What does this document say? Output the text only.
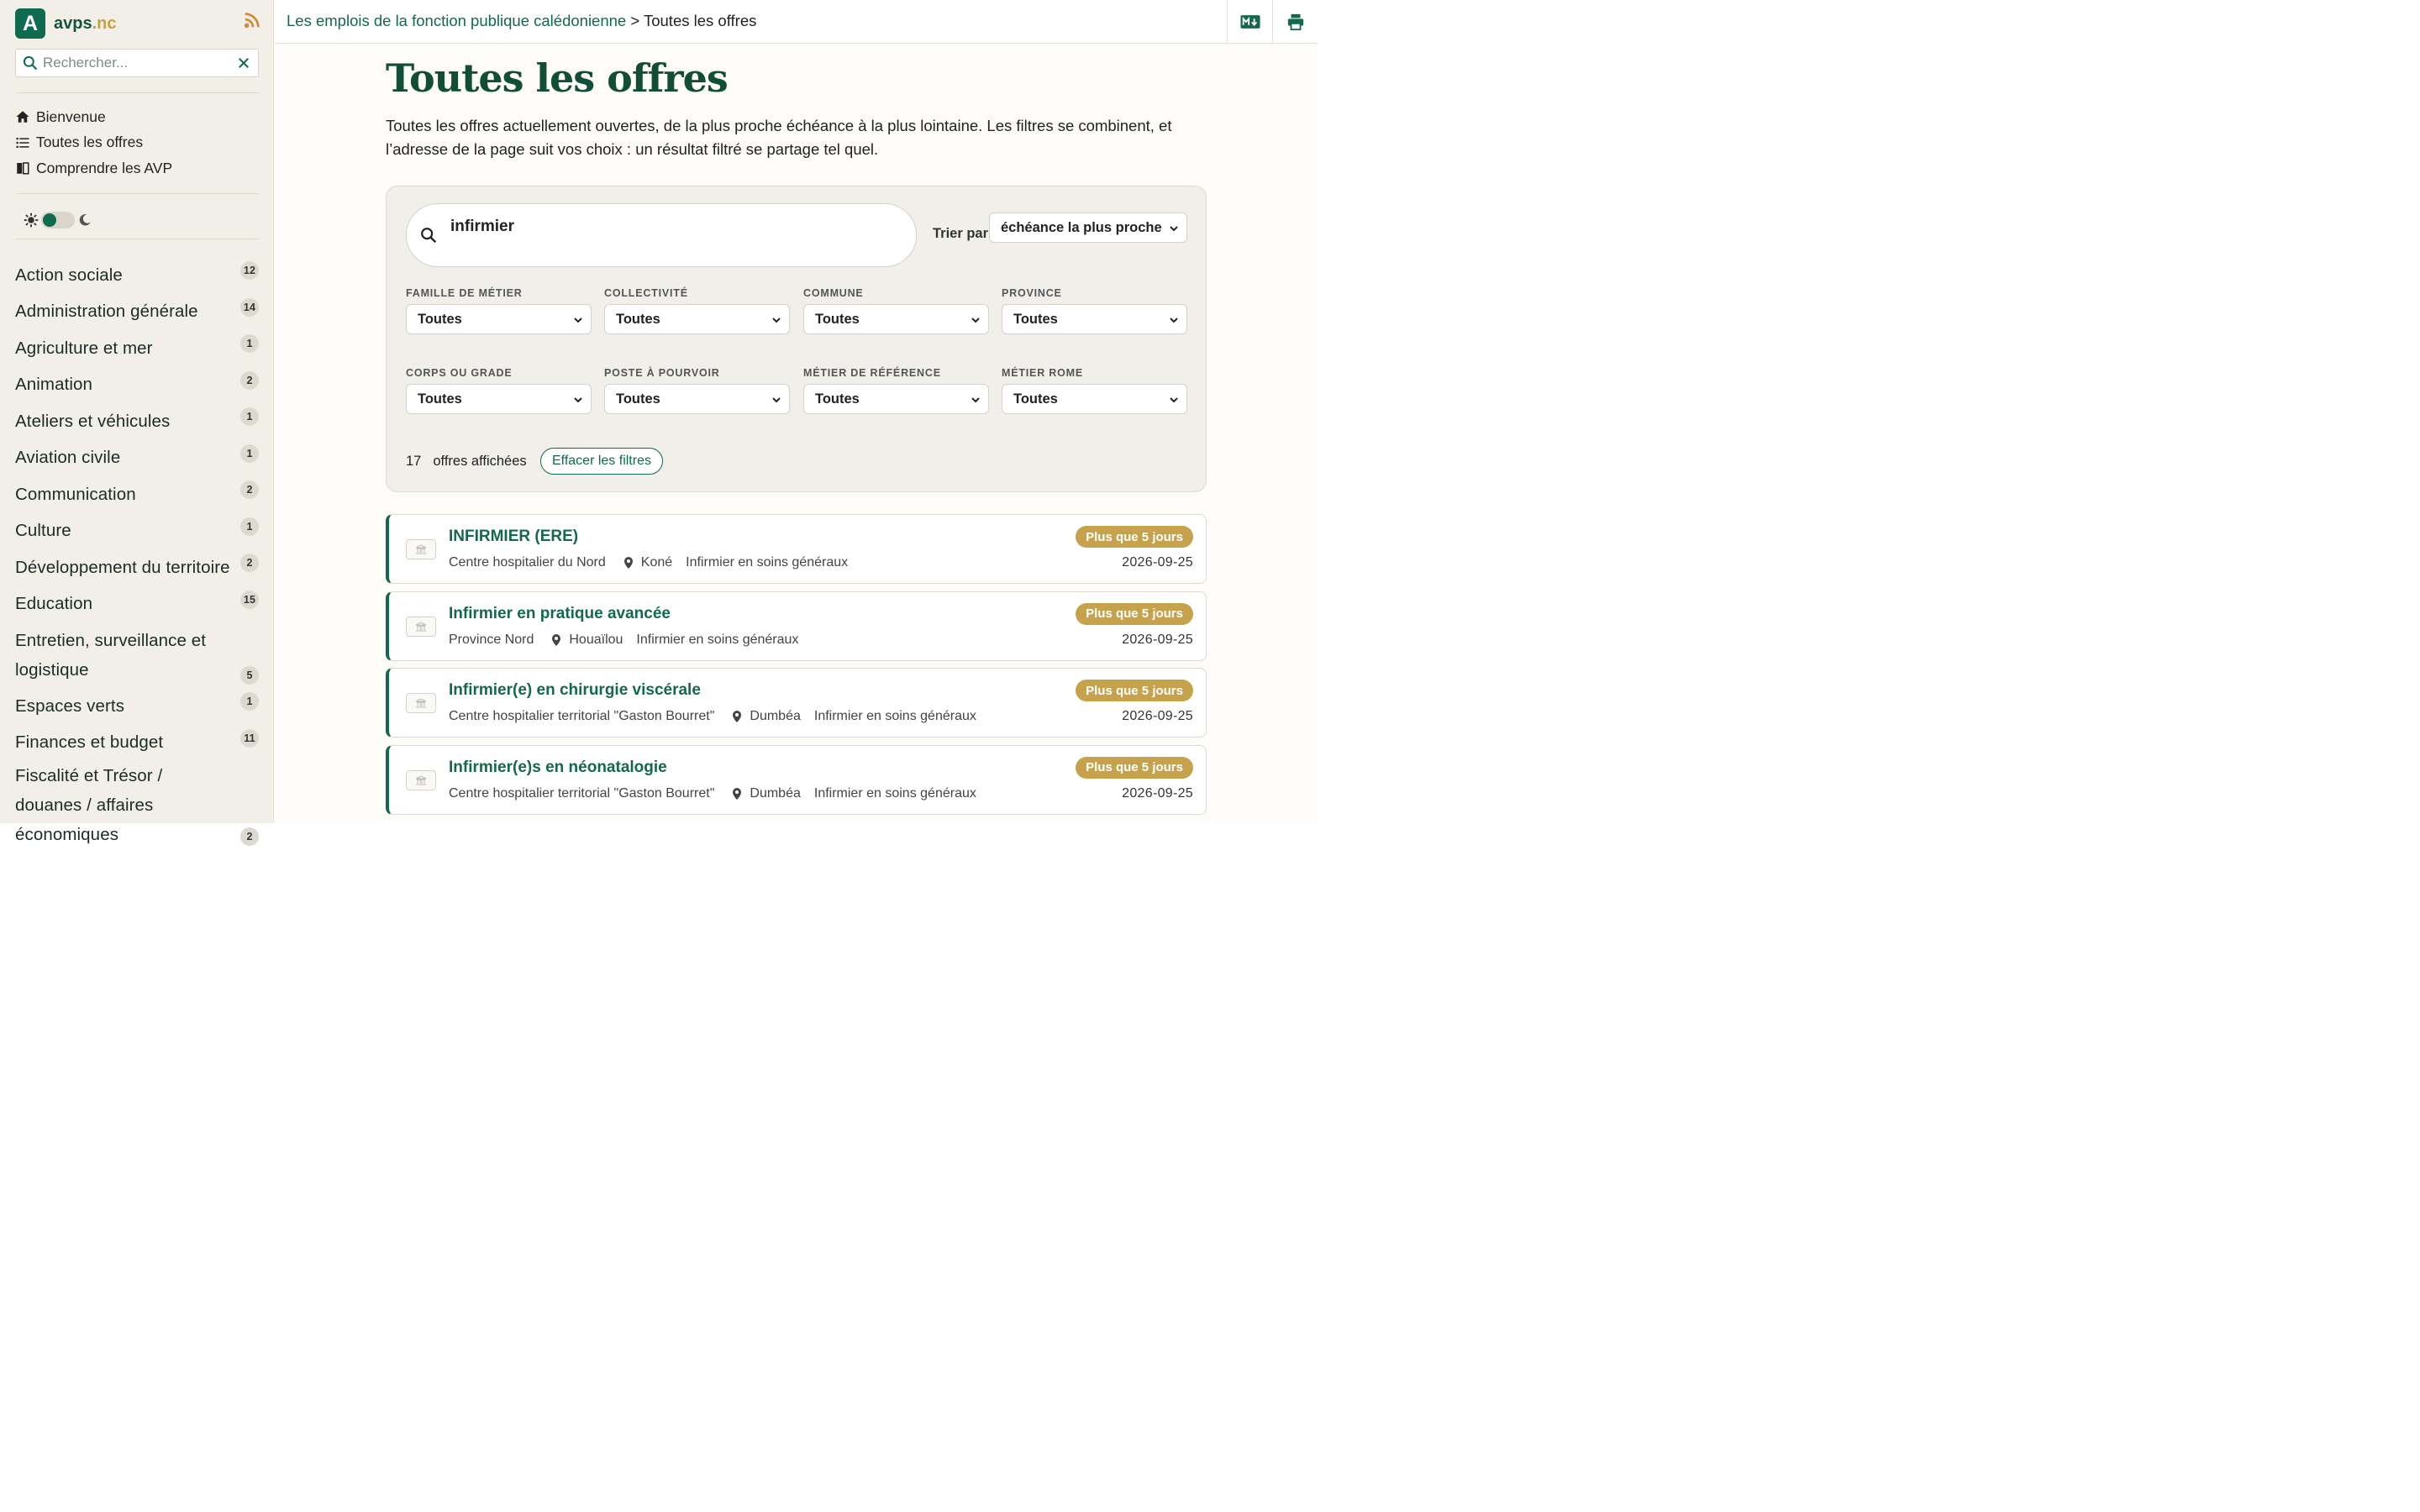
A avps.nc
Rechercher...
Bienvenue
Toutes les offres
Comprendre les AVP
Action sociale	12
Administration générale	14
Agriculture et mer	1
Animation	2
Ateliers et véhicules	1
Aviation civile	1
Communication	2
Culture	1
Développement du territoire	2
Education	15
Entretien, surveillance et logistique	5
Espaces verts	1
Finances et budget	11
Fiscalité et Trésor / douanes / affaires économiques	2
Les emplois de la fonction publique calédonienne > Toutes les offres
Toutes les offres

Toutes les offres actuellement ouvertes, de la plus proche échéance à la plus lointaine. Les filtres se combinent, et l’adresse de la page suit vos choix : un résultat filtré se partage tel quel.

infirmier
Trier par échéance la plus proche
FAMILLE DE MÉTIER
Toutes
COLLECTIVITÉ
Toutes
COMMUNE
Toutes
PROVINCE
Toutes
CORPS OU GRADE
Toutes
POSTE À POURVOIR
Toutes
MÉTIER DE RÉFÉRENCE
Toutes
MÉTIER ROME
Toutes
17 offres affichées	Effacer les filtres
INFIRMIER (ERE)
Centre hospitalier du Nord	Koné Infirmier en soins généraux
Plus que 5 jours
2026-09-25
Infirmier en pratique avancée
Province Nord	Houaïlou Infirmier en soins généraux
Plus que 5 jours
2026-09-25
Infirmier(e) en chirurgie viscérale
Centre hospitalier territorial "Gaston Bourret"	Dumbéa Infirmier en soins généraux
Plus que 5 jours
2026-09-25
Infirmier(e)s en néonatalogie
Centre hospitalier territorial "Gaston Bourret"	Dumbéa Infirmier en soins généraux
Plus que 5 jours
2026-09-25
